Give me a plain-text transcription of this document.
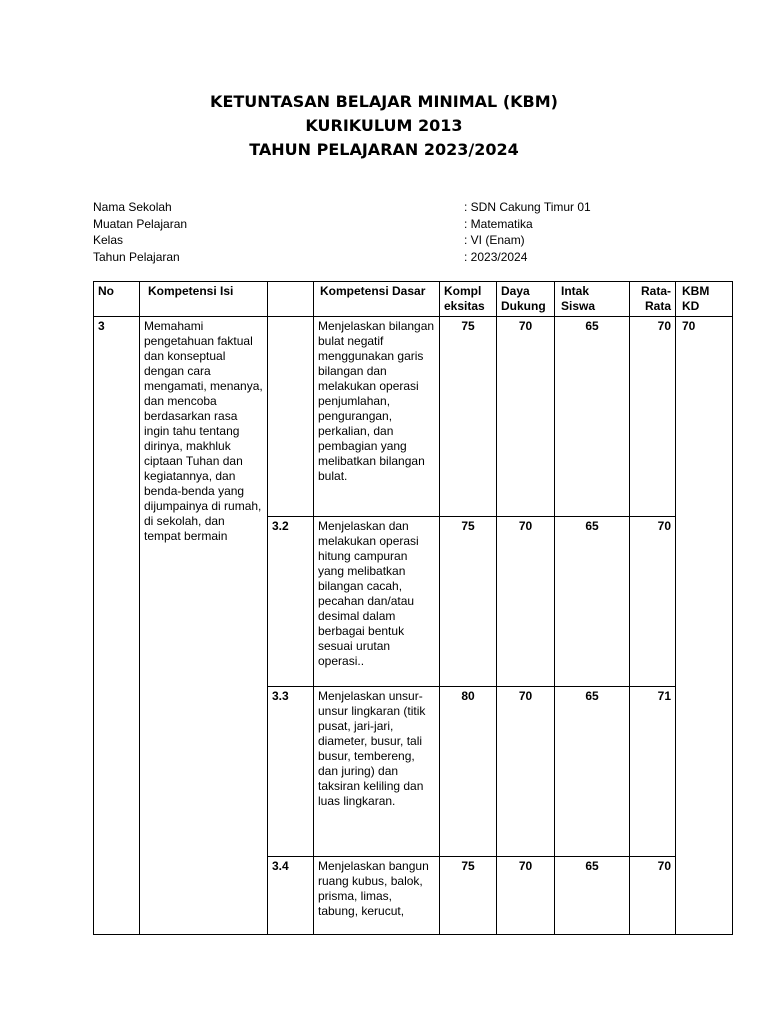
KETUNTASAN BELAJAR MINIMAL (KBM)
KURIKULUM 2013
TAHUN PELAJARAN 2023/2024
Nama Sekolah	: SDN Cakung Timur 01
Muatan Pelajaran	: Matematika
Kelas	: VI (Enam)
Tahun Pelajaran	: 2023/2024
No	Kompetensi Isi		Kompetensi Dasar	Kompl eksitas	Daya Dukung	Intak Siswa	Rata-Rata	KBM KD
3	Memahami pengetahuan faktual dan konseptual dengan cara mengamati, menanya, dan mencoba berdasarkan rasa ingin tahu tentang dirinya, makhluk ciptaan Tuhan dan kegiatannya, dan benda-benda yang dijumpainya di rumah, di sekolah, dan tempat bermain		Menjelaskan bilangan bulat negatif menggunakan garis bilangan dan melakukan operasi penjumlahan, pengurangan, perkalian, dan pembagian yang melibatkan bilangan bulat.	75	70	65	70	70
		3.2	Menjelaskan dan melakukan operasi hitung campuran yang melibatkan bilangan cacah, pecahan dan/atau desimal dalam berbagai bentuk sesuai urutan operasi..	75	70	65	70	
		3.3	Menjelaskan unsur-unsur lingkaran (titik pusat, jari-jari, diameter, busur, tali busur, tembereng, dan juring) dan taksiran keliling dan luas lingkaran.	80	70	65	71	
		3.4	Menjelaskan bangun ruang kubus, balok, prisma, limas, tabung, kerucut,	75	70	65	70	
